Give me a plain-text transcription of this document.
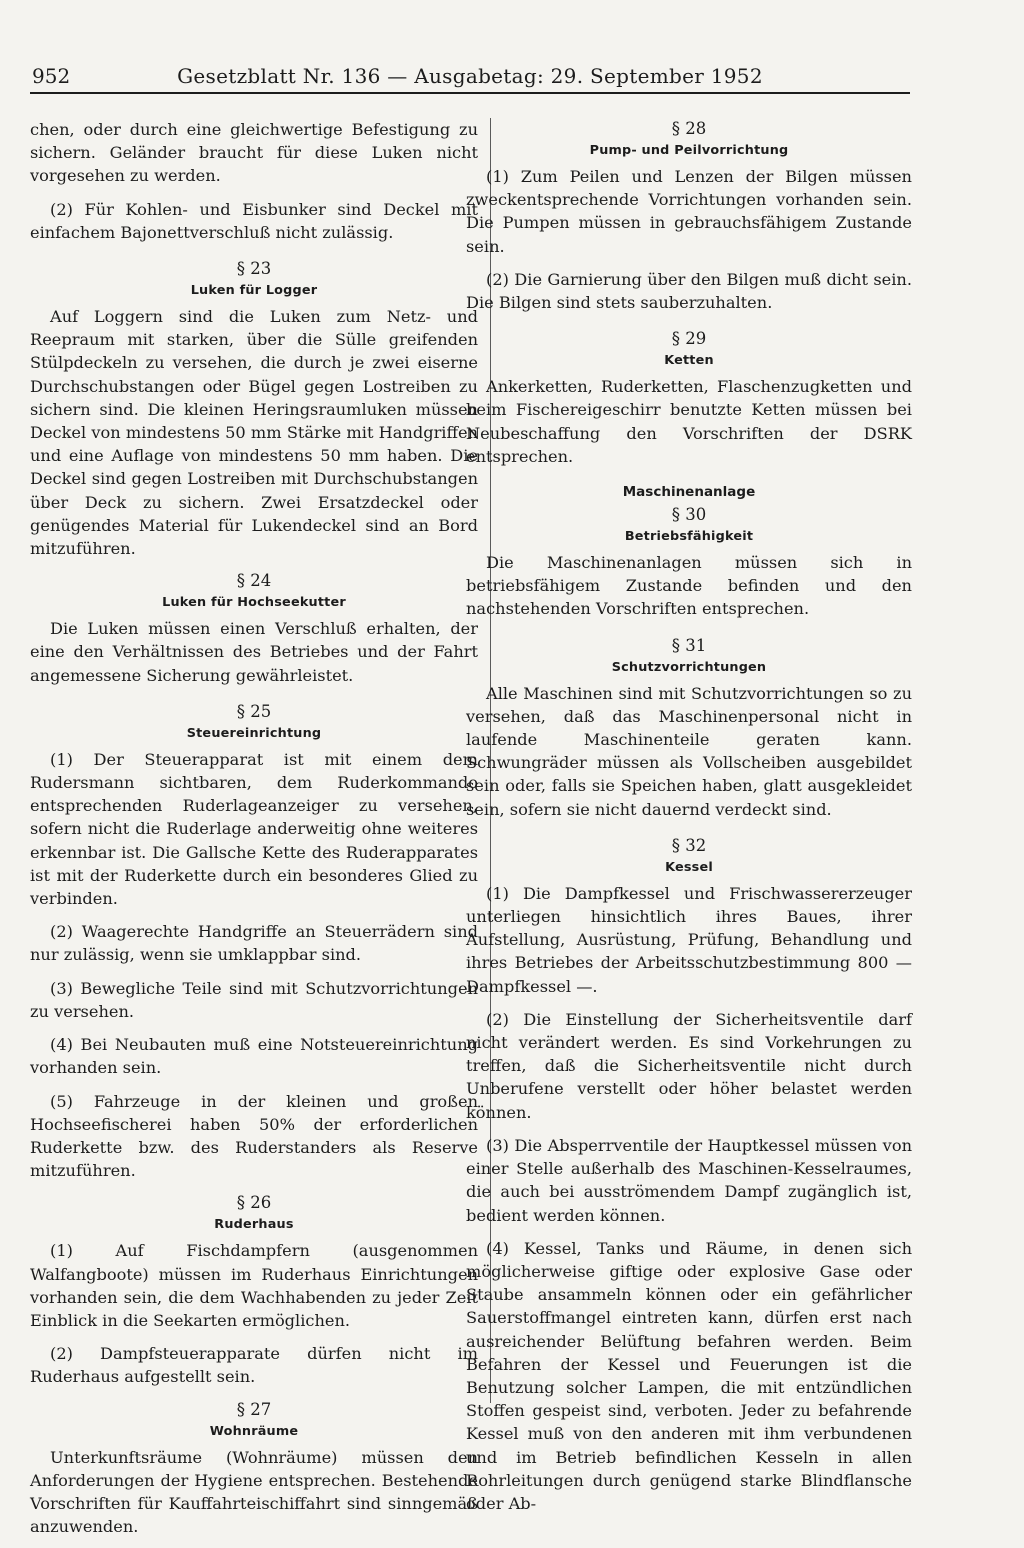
952	Gesetzblatt Nr. 136 — Ausgabetag: 29. September 1952

chen, oder durch eine gleichwertige Befestigung zu sichern. Geländer braucht für diese Luken nicht vorgesehen zu werden.

(2) Für Kohlen- und Eisbunker sind Deckel mit einfachem Bajonettverschluß nicht zulässig.

§ 23
Luken für Logger

Auf Loggern sind die Luken zum Netz- und Reepraum mit starken, über die Sülle greifenden Stülpdeckeln zu versehen, die durch je zwei eiserne Durchschubstangen oder Bügel gegen Lostreiben zu sichern sind. Die kleinen Heringsraumluken müssen Deckel von mindestens 50 mm Stärke mit Handgriffen und eine Auflage von mindestens 50 mm haben. Die Deckel sind gegen Lostreiben mit Durchschubstangen über Deck zu sichern. Zwei Ersatzdeckel oder genügendes Material für Lukendeckel sind an Bord mitzuführen.

§ 24
Luken für Hochseekutter

Die Luken müssen einen Verschluß erhalten, der eine den Verhältnissen des Betriebes und der Fahrt angemessene Sicherung gewährleistet.

§ 25
Steuereinrichtung

(1) Der Steuerapparat ist mit einem dem Rudersmann sichtbaren, dem Ruderkommando entsprechenden Ruderlageanzeiger zu versehen, sofern nicht die Ruderlage anderweitig ohne weiteres erkennbar ist. Die Gallsche Kette des Ruderapparates ist mit der Ruderkette durch ein besonderes Glied zu verbinden.

(2) Waagerechte Handgriffe an Steuerrädern sind nur zulässig, wenn sie umklappbar sind.

(3) Bewegliche Teile sind mit Schutzvorrichtungen zu versehen.

(4) Bei Neubauten muß eine Notsteuereinrichtung vorhanden sein.

(5) Fahrzeuge in der kleinen und großen Hochseefischerei haben 50% der erforderlichen Ruderkette bzw. des Ruderstanders als Reserve mitzuführen.

§ 26
Ruderhaus

(1) Auf Fischdampfern (ausgenommen Walfangboote) müssen im Ruderhaus Einrichtungen vorhanden sein, die dem Wachhabenden zu jeder Zeit Einblick in die Seekarten ermöglichen.

(2) Dampfsteuerapparate dürfen nicht im Ruderhaus aufgestellt sein.

§ 27
Wohnräume

Unterkunftsräume (Wohnräume) müssen den Anforderungen der Hygiene entsprechen. Bestehende Vorschriften für Kauffahrteischiffahrt sind sinngemäß anzuwenden.

§ 28
Pump- und Peilvorrichtung

(1) Zum Peilen und Lenzen der Bilgen müssen zweckentsprechende Vorrichtungen vorhanden sein. Die Pumpen müssen in gebrauchsfähigem Zustande sein.

(2) Die Garnierung über den Bilgen muß dicht sein. Die Bilgen sind stets sauberzuhalten.

§ 29
Ketten

Ankerketten, Ruderketten, Flaschenzugketten und beim Fischereigeschirr benutzte Ketten müssen bei Neubeschaffung den Vorschriften der DSRK entsprechen.

Maschinenanlage
§ 30
Betriebsfähigkeit

Die Maschinenanlagen müssen sich in betriebsfähigem Zustande befinden und den nachstehenden Vorschriften entsprechen.

§ 31
Schutzvorrichtungen

Alle Maschinen sind mit Schutzvorrichtungen so zu versehen, daß das Maschinenpersonal nicht in laufende Maschinenteile geraten kann. Schwungräder müssen als Vollscheiben ausgebildet sein oder, falls sie Speichen haben, glatt ausgekleidet sein, sofern sie nicht dauernd verdeckt sind.

§ 32
Kessel

(1) Die Dampfkessel und Frischwassererzeuger unterliegen hinsichtlich ihres Baues, ihrer Aufstellung, Ausrüstung, Prüfung, Behandlung und ihres Betriebes der Arbeitsschutzbestimmung 800 — Dampfkessel —.

(2) Die Einstellung der Sicherheitsventile darf nicht verändert werden. Es sind Vorkehrungen zu treffen, daß die Sicherheitsventile nicht durch Unberufene verstellt oder höher belastet werden können.

(3) Die Absperrventile der Hauptkessel müssen von einer Stelle außerhalb des Maschinen-Kesselraumes, die auch bei ausströmendem Dampf zugänglich ist, bedient werden können.

(4) Kessel, Tanks und Räume, in denen sich möglicherweise giftige oder explosive Gase oder Staube ansammeln können oder ein gefährlicher Sauerstoffmangel eintreten kann, dürfen erst nach ausreichender Belüftung befahren werden. Beim Befahren der Kessel und Feuerungen ist die Benutzung solcher Lampen, die mit entzündlichen Stoffen gespeist sind, verboten. Jeder zu befahrende Kessel muß von den anderen mit ihm verbundenen und im Betrieb befindlichen Kesseln in allen Rohrleitungen durch genügend starke Blindflansche oder Ab-
